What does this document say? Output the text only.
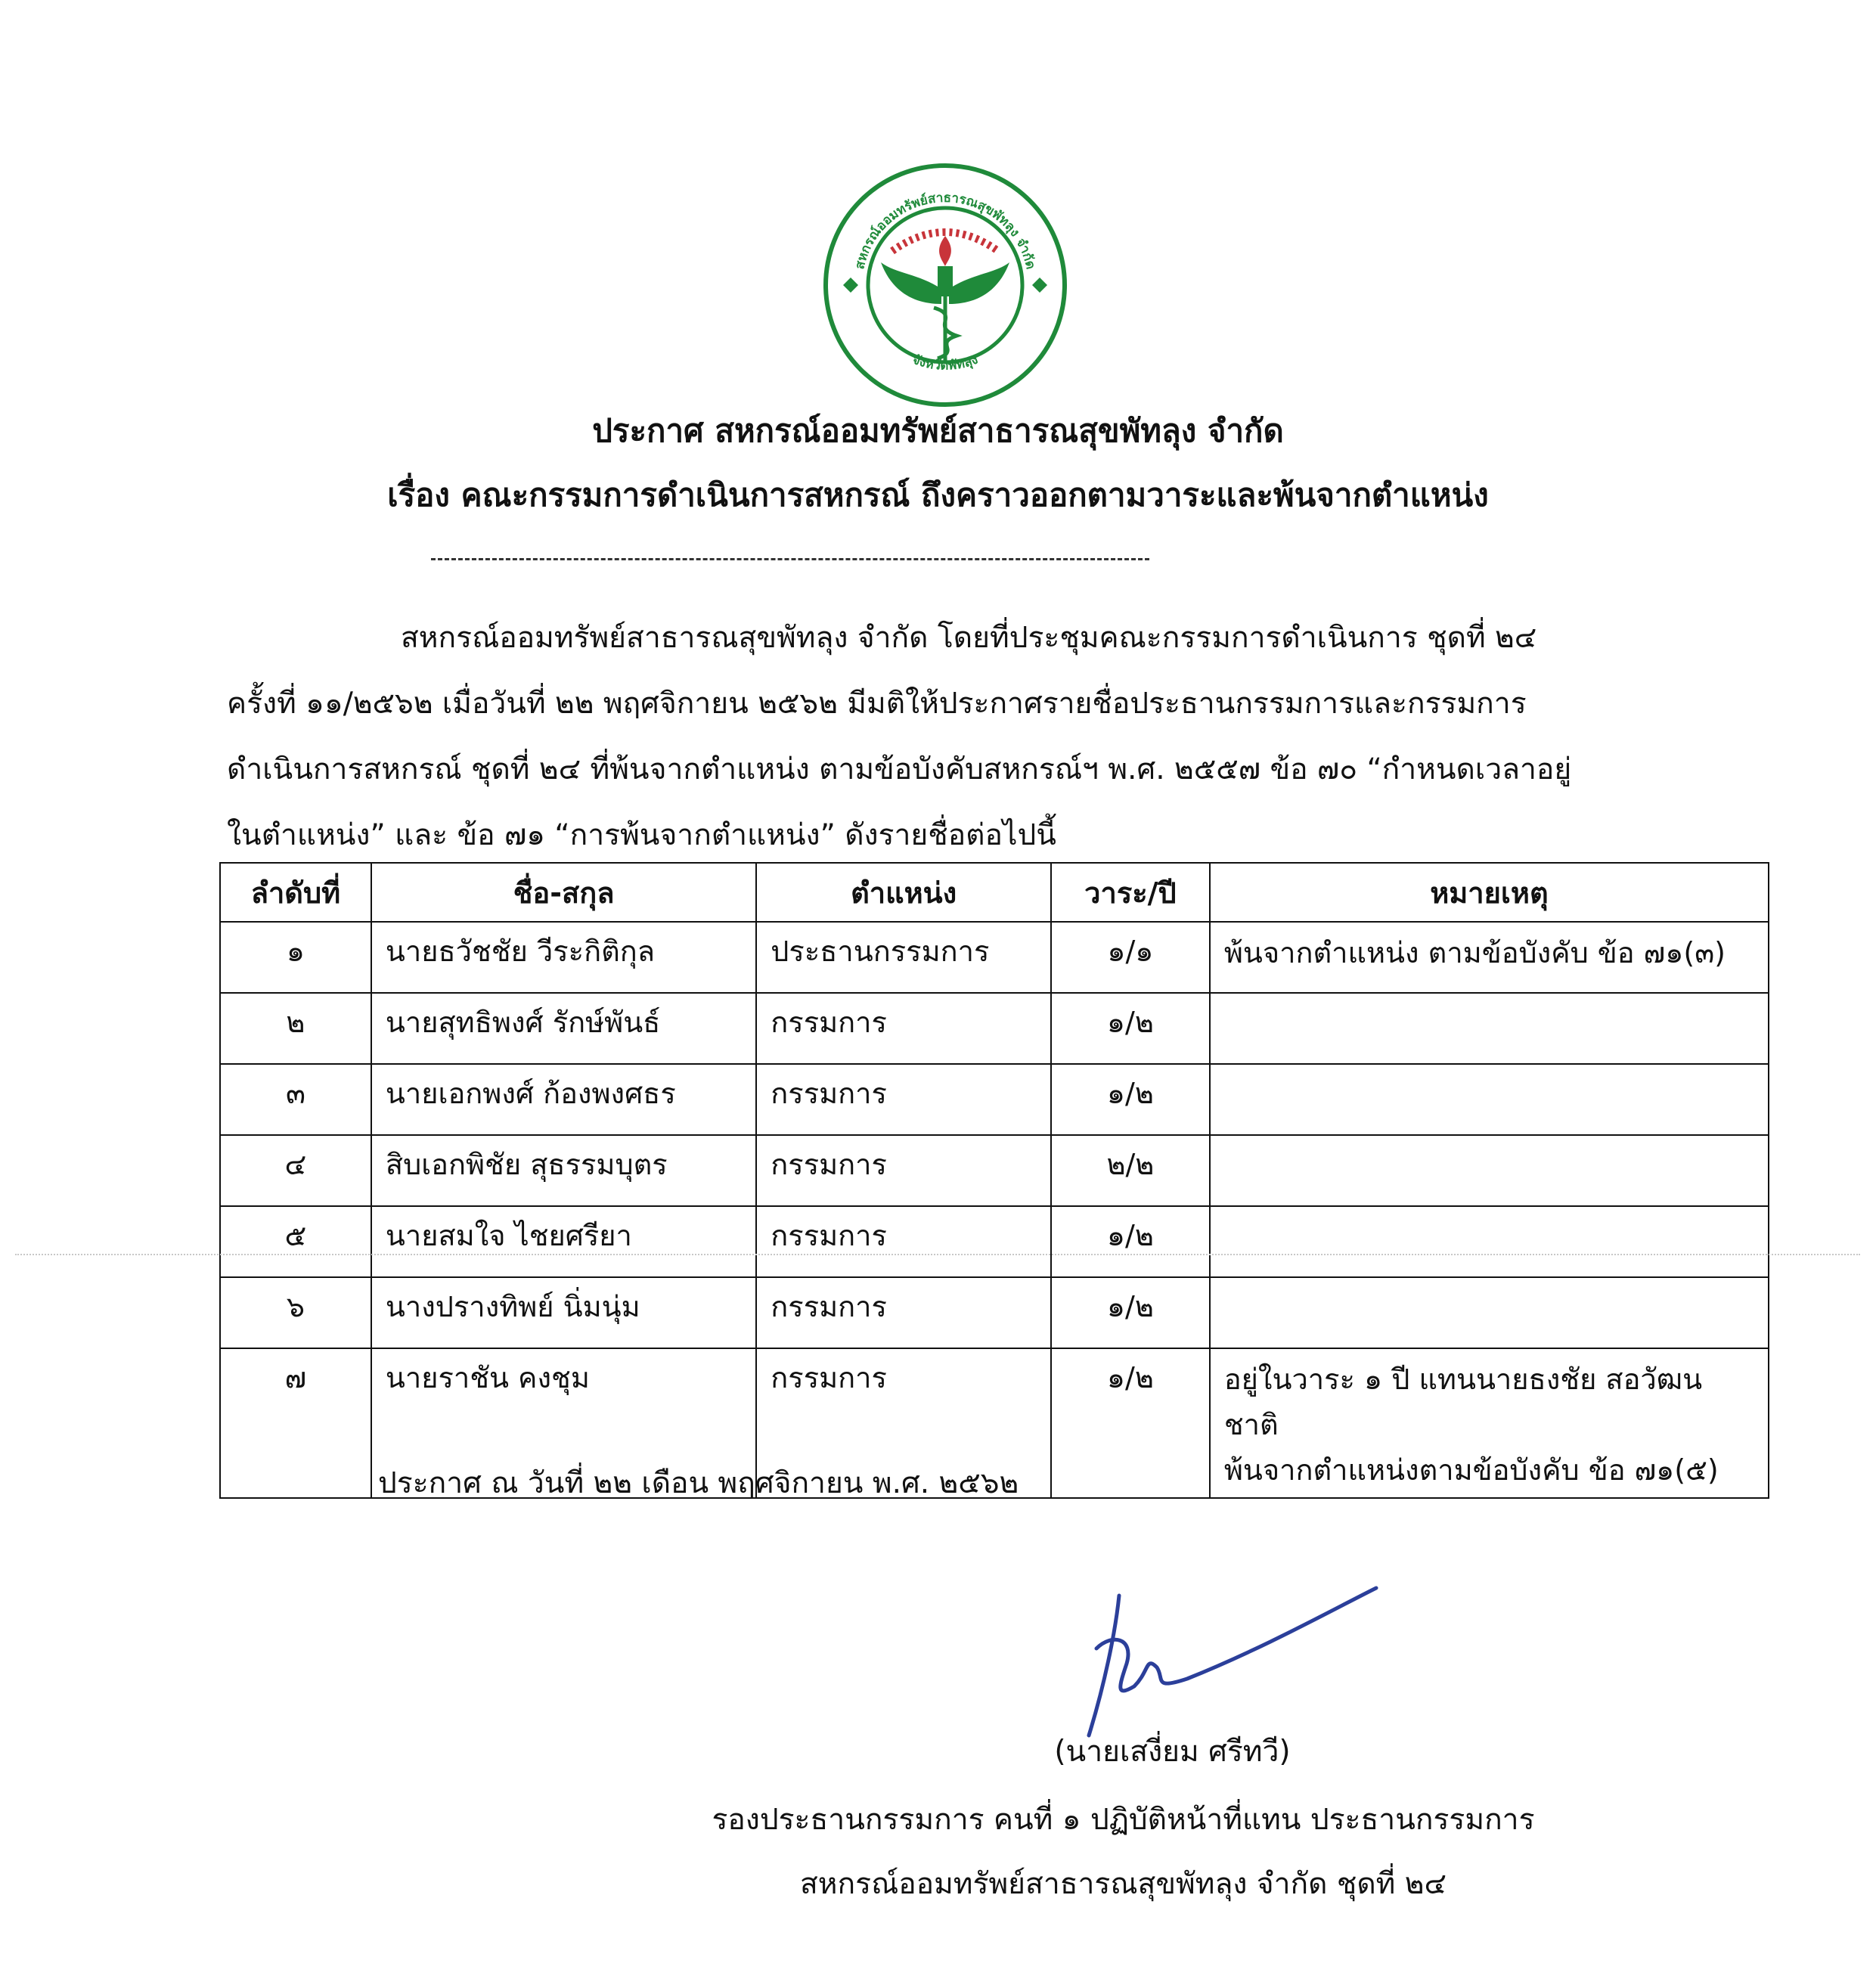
สหกรณ์ออมทรัพย์สาธารณสุขพัทลุง จำกัด
จังหวัดพัทลุง
ประกาศ สหกรณ์ออมทรัพย์สาธารณสุขพัทลุง จำกัด
เรื่อง คณะกรรมการดำเนินการสหกรณ์ ถึงคราวออกตามวาระและพ้นจากตำแหน่ง
สหกรณ์ออมทรัพย์สาธารณสุขพัทลุง จำกัด โดยที่ประชุมคณะกรรมการดำเนินการ ชุดที่ ๒๔
ครั้งที่ ๑๑/๒๕๖๒ เมื่อวันที่ ๒๒ พฤศจิกายน ๒๕๖๒ มีมติให้ประกาศรายชื่อประธานกรรมการและกรรมการ
ดำเนินการสหกรณ์ ชุดที่ ๒๔ ที่พ้นจากตำแหน่ง ตามข้อบังคับสหกรณ์ฯ พ.ศ. ๒๕๕๗ ข้อ ๗๐ “กำหนดเวลาอยู่
ในตำแหน่ง” และ ข้อ ๗๑ “การพ้นจากตำแหน่ง” ดังรายชื่อต่อไปนี้
ลำดับที่	ชื่อ-สกุล	ตำแหน่ง	วาระ/ปี	หมายเหตุ
๑	นายธวัชชัย วีระกิติกุล	ประธานกรรมการ	๑/๑	พ้นจากตำแหน่ง ตามข้อบังคับ ข้อ ๗๑(๓)

๒	นายสุทธิพงศ์ รักษ์พันธ์	กรรมการ	๑/๒	
๓	นายเอกพงศ์ ก้องพงศธร	กรรมการ	๑/๒	
๔	สิบเอกพิชัย สุธรรมบุตร	กรรมการ	๒/๒	
๕	นายสมใจ ไชยศรียา	กรรมการ	๑/๒	
๖	นางปรางทิพย์ นิ่มนุ่ม	กรรมการ	๑/๒	
๗	นายราชัน คงชุม	กรรมการ	๑/๒	อยู่ในวาระ ๑ ปี แทนนายธงชัย สอวัฒนชาติ
พ้นจากตำแหน่งตามข้อบังคับ ข้อ ๗๑(๕)
ประกาศ ณ วันที่ ๒๒ เดือน พฤศจิกายน พ.ศ. ๒๕๖๒
(นายเสงี่ยม ศรีทวี)
รองประธานกรรมการ คนที่ ๑ ปฏิบัติหน้าที่แทน ประธานกรรมการ
สหกรณ์ออมทรัพย์สาธารณสุขพัทลุง จำกัด ชุดที่ ๒๔
